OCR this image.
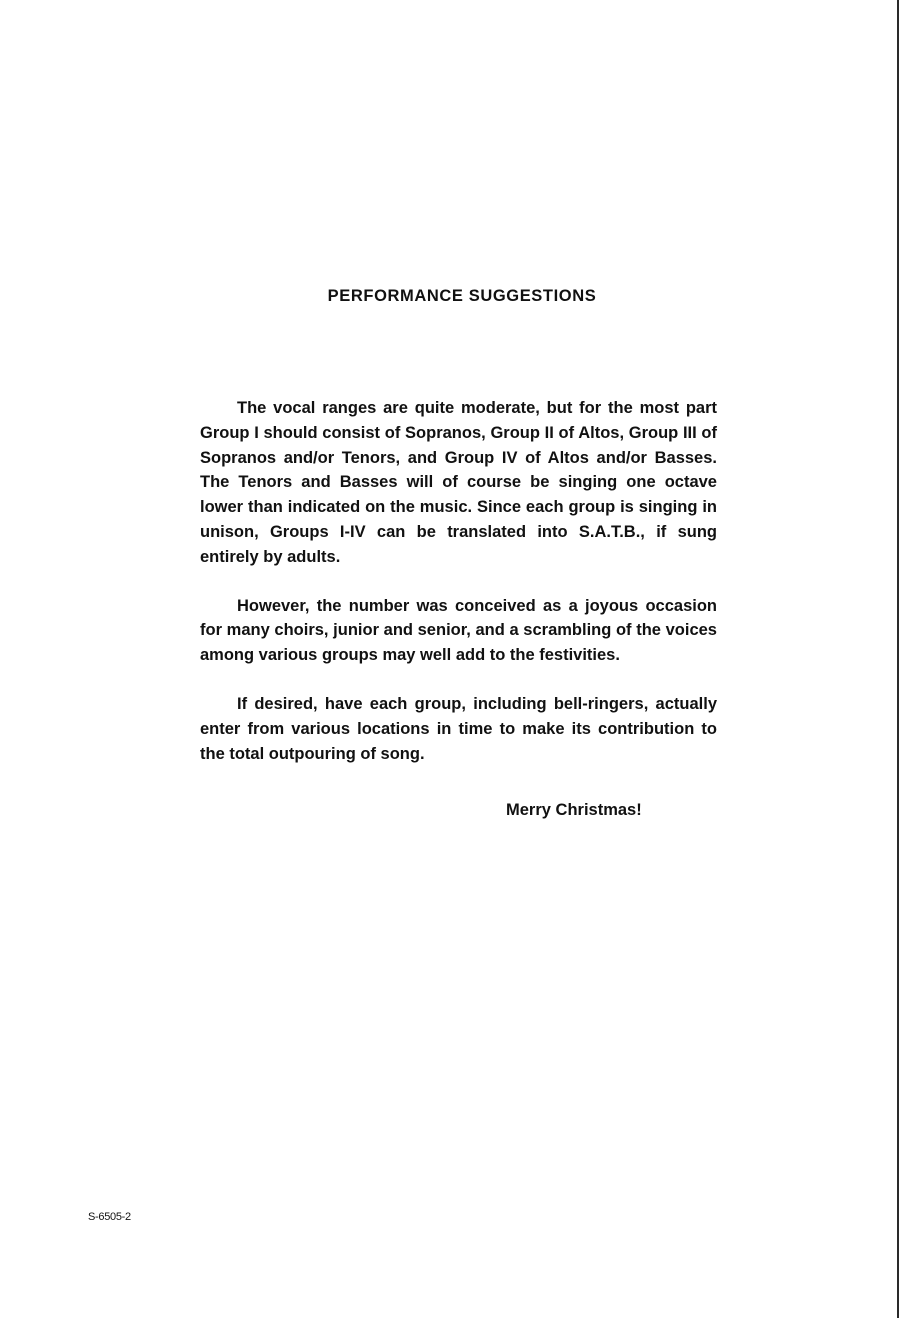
PERFORMANCE SUGGESTIONS

The vocal ranges are quite moderate, but for the most part Group I should consist of Sopranos, Group II of Altos, Group III of Sopranos and/or Tenors, and Group IV of Altos and/or Basses. The Tenors and Basses will of course be singing one octave lower than indicated on the music. Since each group is singing in unison, Groups I-IV can be translated into S.A.T.B., if sung entirely by adults.

However, the number was conceived as a joyous occasion for many choirs, junior and senior, and a scrambling of the voices among various groups may well add to the festivities.

If desired, have each group, including bell-ringers, actually enter from various locations in time to make its contribution to the total outpouring of song.

Merry Christmas!

S-6505-2
